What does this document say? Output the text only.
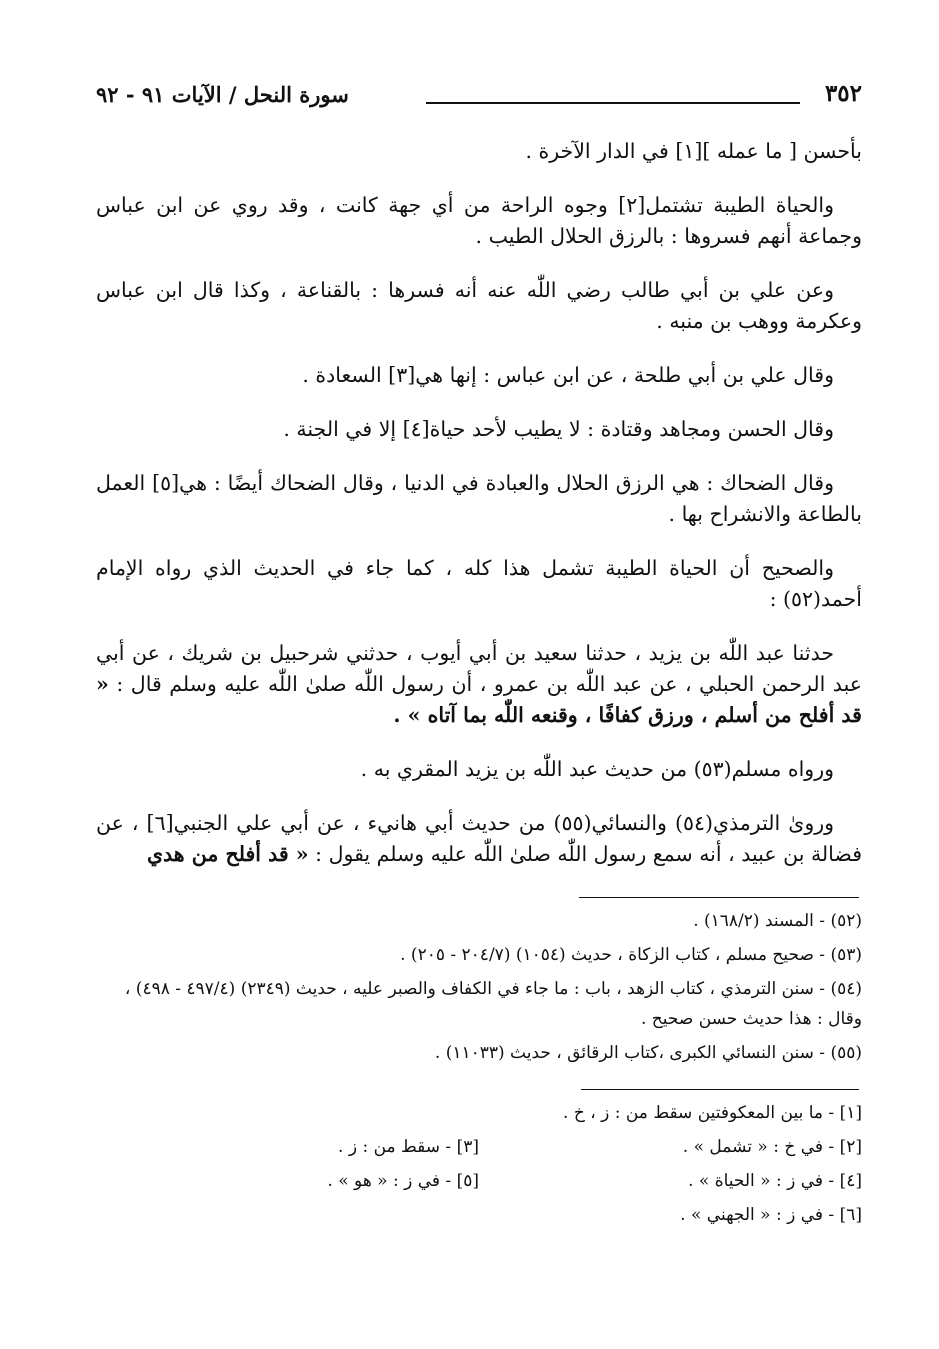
٣٥٢
سورة النحل / الآيات ٩١ - ٩٢

بأحسن [ ما عمله ][١] في الدار الآخرة .

والحياة الطيبة تشتمل[٢] وجوه الراحة من أي جهة كانت ، وقد روي عن ابن عباس وجماعة أنهم فسروها : بالرزق الحلال الطيب .

وعن علي بن أبي طالب رضي اللّٰه عنه أنه فسرها : بالقناعة ، وكذا قال ابن عباس وعكرمة ووهب بن منبه .

وقال علي بن أبي طلحة ، عن ابن عباس : إنها هي[٣] السعادة .

وقال الحسن ومجاهد وقتادة : لا يطيب لأحد حياة[٤] إلا في الجنة .

وقال الضحاك : هي الرزق الحلال والعبادة في الدنيا ، وقال الضحاك أيضًا : هي[٥] العمل بالطاعة والانشراح بها .

والصحيح أن الحياة الطيبة تشمل هذا كله ، كما جاء في الحديث الذي رواه الإمام أحمد(٥٢) :

حدثنا عبد اللّٰه بن يزيد ، حدثنا سعيد بن أبي أيوب ، حدثني شرحبيل بن شريك ، عن أبي عبد الرحمن الحبلي ، عن عبد اللّٰه بن عمرو ، أن رسول اللّٰه صلىٰ اللّٰه عليه وسلم قال : « قد أفلح من أسلم ، ورزق كفافًا ، وقنعه اللّٰه بما آتاه » .

ورواه مسلم(٥٣) من حديث عبد اللّٰه بن يزيد المقري به .

وروىٰ الترمذي(٥٤) والنسائي(٥٥) من حديث أبي هانيء ، عن أبي علي الجنبي[٦] ، عن فضالة بن عبيد ، أنه سمع رسول اللّٰه صلىٰ اللّٰه عليه وسلم يقول : « قد أفلح من هدي

(٥٢) - المسند (١٦٨/٢) .
(٥٣) - صحيح مسلم ، كتاب الزكاة ، حديث (١٠٥٤) (٢٠٤/٧ - ٢٠٥) .
(٥٤) - سنن الترمذي ، كتاب الزهد ، باب : ما جاء في الكفاف والصبر عليه ، حديث (٢٣٤٩) (٤٩٧/٤ - ٤٩٨) ، وقال : هذا حديث حسن صحيح .
(٥٥) - سنن النسائي الكبرى ،كتاب الرقائق ، حديث (١١٠٣٣) .
[١] - ما بين المعكوفتين سقط من : ز ، خ .
[٢] - في خ : « تشمل » .
[٣] - سقط من : ز .
[٤] - في ز : « الحياة » .
[٥] - في ز : « هو » .
[٦] - في ز : « الجهني » .
